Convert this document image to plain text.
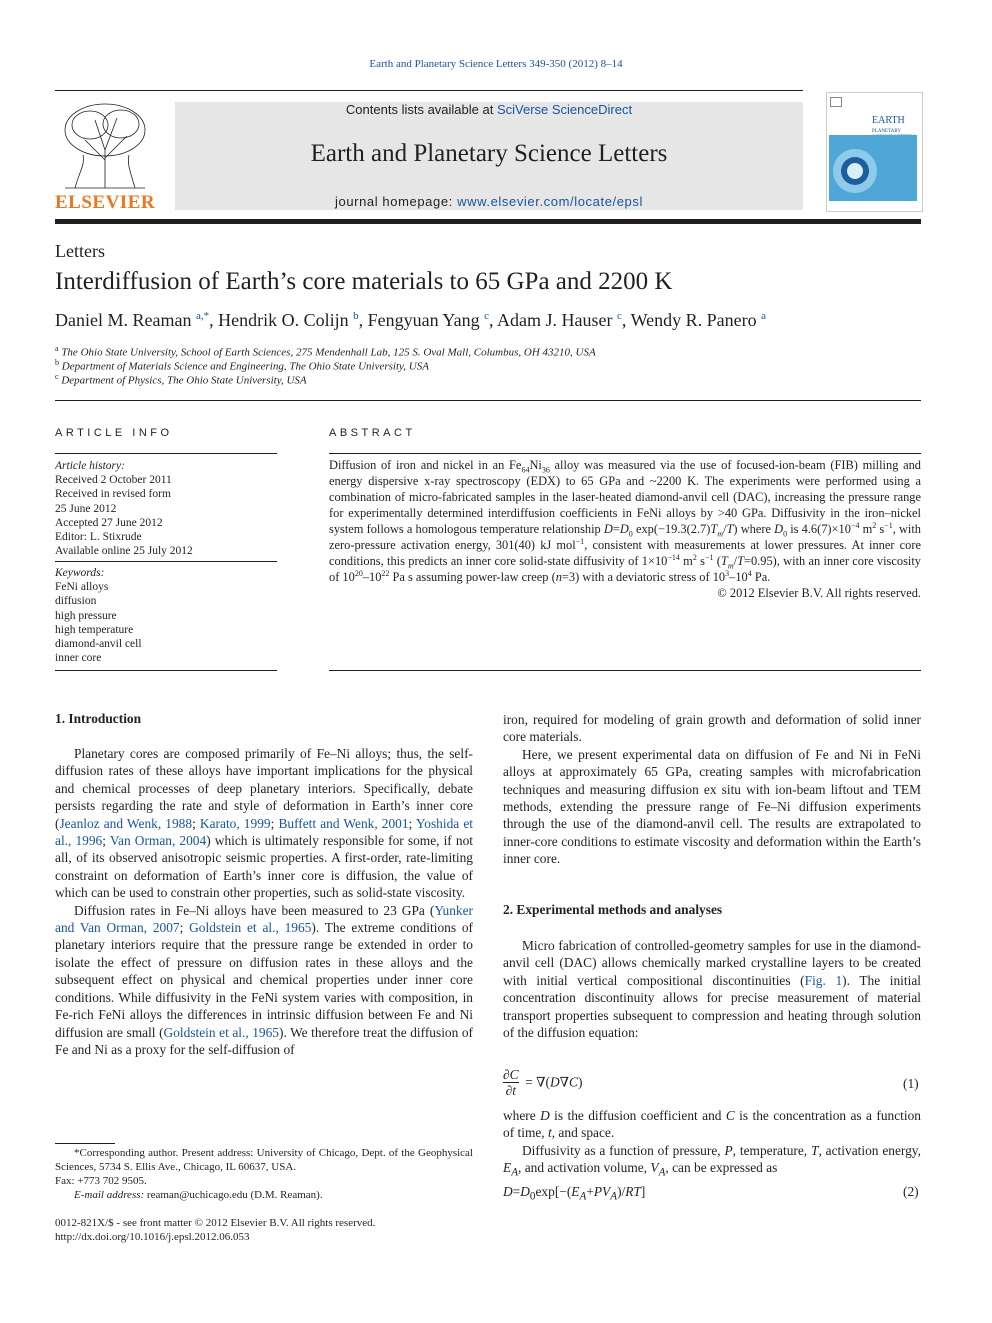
Earth and Planetary Science Letters 349-350 (2012) 8–14
ELSEVIER
Contents lists available at SciVerse ScienceDirect
Earth and Planetary Science Letters
journal homepage: www.elsevier.com/locate/epsl
EARTH
PLANETARY
Letters
Interdiffusion of Earth’s core materials to 65 GPa and 2200 K
Daniel M. Reaman $^{a,*}$, Hendrik O. Colijn $^b$, Fengyuan Yang $^c$, Adam J. Hauser $^c$, Wendy R. Panero $^a$
$^a$ The Ohio State University, School of Earth Sciences, 275 Mendenhall Lab, 125 S. Oval Mall, Columbus, OH 43210, USA
$^b$ Department of Materials Science and Engineering, The Ohio State University, USA
$^c$ Department of Physics, The Ohio State University, USA
ARTICLE INFO
Article history:
Received 2 October 2011
Received in revised form
25 June 2012
Accepted 27 June 2012
Editor: L. Stixrude
Available online 25 July 2012
Keywords:
FeNi alloys
diffusion
high pressure
high temperature
diamond-anvil cell
inner core
ABSTRACT
Diffusion of iron and nickel in an $Fe_{64}Ni_{36}$ alloy was measured via the use of focused-ion-beam (FIB) milling and energy dispersive x-ray spectroscopy (EDX) to 65 GPa and ~2200 K. The experiments were performed using a combination of micro-fabricated samples in the laser-heated diamond-anvil cell (DAC), increasing the pressure range for experimentally determined interdiffusion coefficients in FeNi alloys by >40 GPa. Diffusivity in the iron–nickel system follows a homologous temperature relationship $D=D_0$ $\exp(-19.3(2.7)T_m/T)$ where $D_0$ is $4.6(7)\times 10^{-4}$ $m^2$ $s^{-1}$, with zero-pressure activation energy, 301(40) kJ mol$^{-1}$, consistent with measurements at lower pressures. At inner core conditions, this predicts an inner core solid-state diffusivity of $1\times 10^{-14}$ $m^2$ $s^{-1}$ $(T_m/T=0.95)$, with an inner core viscosity of $10^{20}-10^{22}$ Pa s assuming power-law creep (n=3) with a deviatoric stress of $10^3-10^4$ Pa.
© 2012 Elsevier B.V. All rights reserved.
1. Introduction

Planetary cores are composed primarily of Fe–Ni alloys; thus, the self-diffusion rates of these alloys have important implications for the physical and chemical processes of deep planetary interiors. Specifically, debate persists regarding the rate and style of deformation in Earth’s inner core (Jeanloz and Wenk, 1988; Karato, 1999; Buffett and Wenk, 2001; Yoshida et al., 1996; Van Orman, 2004) which is ultimately responsible for some, if not all, of its observed anisotropic seismic properties. A first-order, rate-limiting constraint on deformation of Earth’s inner core is diffusion, the value of which can be used to constrain other properties, such as solid-state viscosity.

Diffusion rates in Fe–Ni alloys have been measured to 23 GPa (Yunker and Van Orman, 2007; Goldstein et al., 1965). The extreme conditions of planetary interiors require that the pressure range be extended in order to isolate the effect of pressure on diffusion rates in these alloys and the subsequent effect on physical and chemical properties under inner core conditions. While diffusivity in the FeNi system varies with composition, in Fe-rich FeNi alloys the differences in intrinsic diffusion between Fe and Ni diffusion are small (Goldstein et al., 1965). We therefore treat the diffusion of Fe and Ni as a proxy for the self-diffusion of

*Corresponding author. Present address: University of Chicago, Dept. of the Geophysical Sciences, 5734 S. Ellis Ave., Chicago, IL 60637, USA.
Fax: +773 702 9505.
E-mail address: reaman@uchicago.edu (D.M. Reaman).
0012-821X/$ - see front matter © 2012 Elsevier B.V. All rights reserved.
http://dx.doi.org/10.1016/j.epsl.2012.06.053

iron, required for modeling of grain growth and deformation of solid inner core materials.

Here, we present experimental data on diffusion of Fe and Ni in FeNi alloys at approximately 65 GPa, creating samples with microfabrication techniques and measuring diffusion ex situ with ion-beam liftout and TEM methods, extending the pressure range of Fe–Ni diffusion experiments through the use of the diamond-anvil cell. The results are extrapolated to inner-core conditions to estimate viscosity and deformation within the Earth’s inner core.

2. Experimental methods and analyses

Micro fabrication of controlled-geometry samples for use in the diamond-anvil cell (DAC) allows chemically marked crystalline layers to be created with initial vertical compositional discontinuities (Fig. 1). The initial concentration discontinuity allows for precise measurement of material transport properties subsequent to compression and heating through solution of the diffusion equation:

$\frac{\partial C}{\partial t} = \nabla(D\nabla C)$	(1)

where D is the diffusion coefficient and C is the concentration as a function of time, t, and space.

Diffusivity as a function of pressure, P, temperature, T, activation energy, $E_A$, and activation volume, $V_A$, can be expressed as

$D=D_0\exp[-(E_A+PV_A)/RT]$	(2)
